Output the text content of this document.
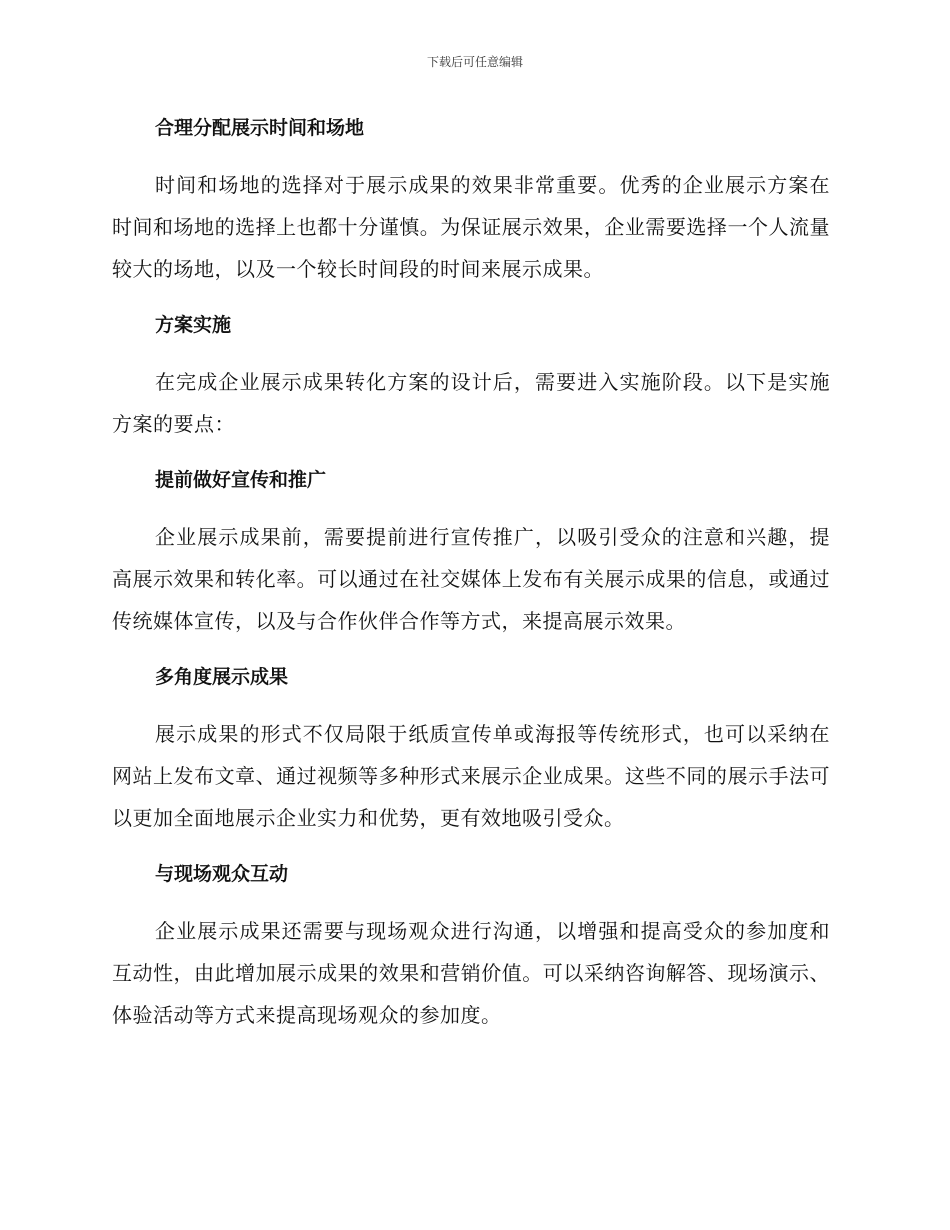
下载后可任意编辑
合理分配展示时间和场地

时间和场地的选择对于展示成果的效果非常重要。优秀的企业展示方案在时间和场地的选择上也都十分谨慎。为保证展示效果，企业需要选择一个人流量较大的场地，以及一个较长时间段的时间来展示成果。

方案实施

在完成企业展示成果转化方案的设计后，需要进入实施阶段。以下是实施方案的要点：

提前做好宣传和推广

企业展示成果前，需要提前进行宣传推广，以吸引受众的注意和兴趣，提高展示效果和转化率。可以通过在社交媒体上发布有关展示成果的信息，或通过传统媒体宣传，以及与合作伙伴合作等方式，来提高展示效果。

多角度展示成果

展示成果的形式不仅局限于纸质宣传单或海报等传统形式，也可以采纳在网站上发布文章、通过视频等多种形式来展示企业成果。这些不同的展示手法可以更加全面地展示企业实力和优势，更有效地吸引受众。

与现场观众互动

企业展示成果还需要与现场观众进行沟通，以增强和提高受众的参加度和互动性，由此增加展示成果的效果和营销价值。可以采纳咨询解答、现场演示、体验活动等方式来提高现场观众的参加度。
